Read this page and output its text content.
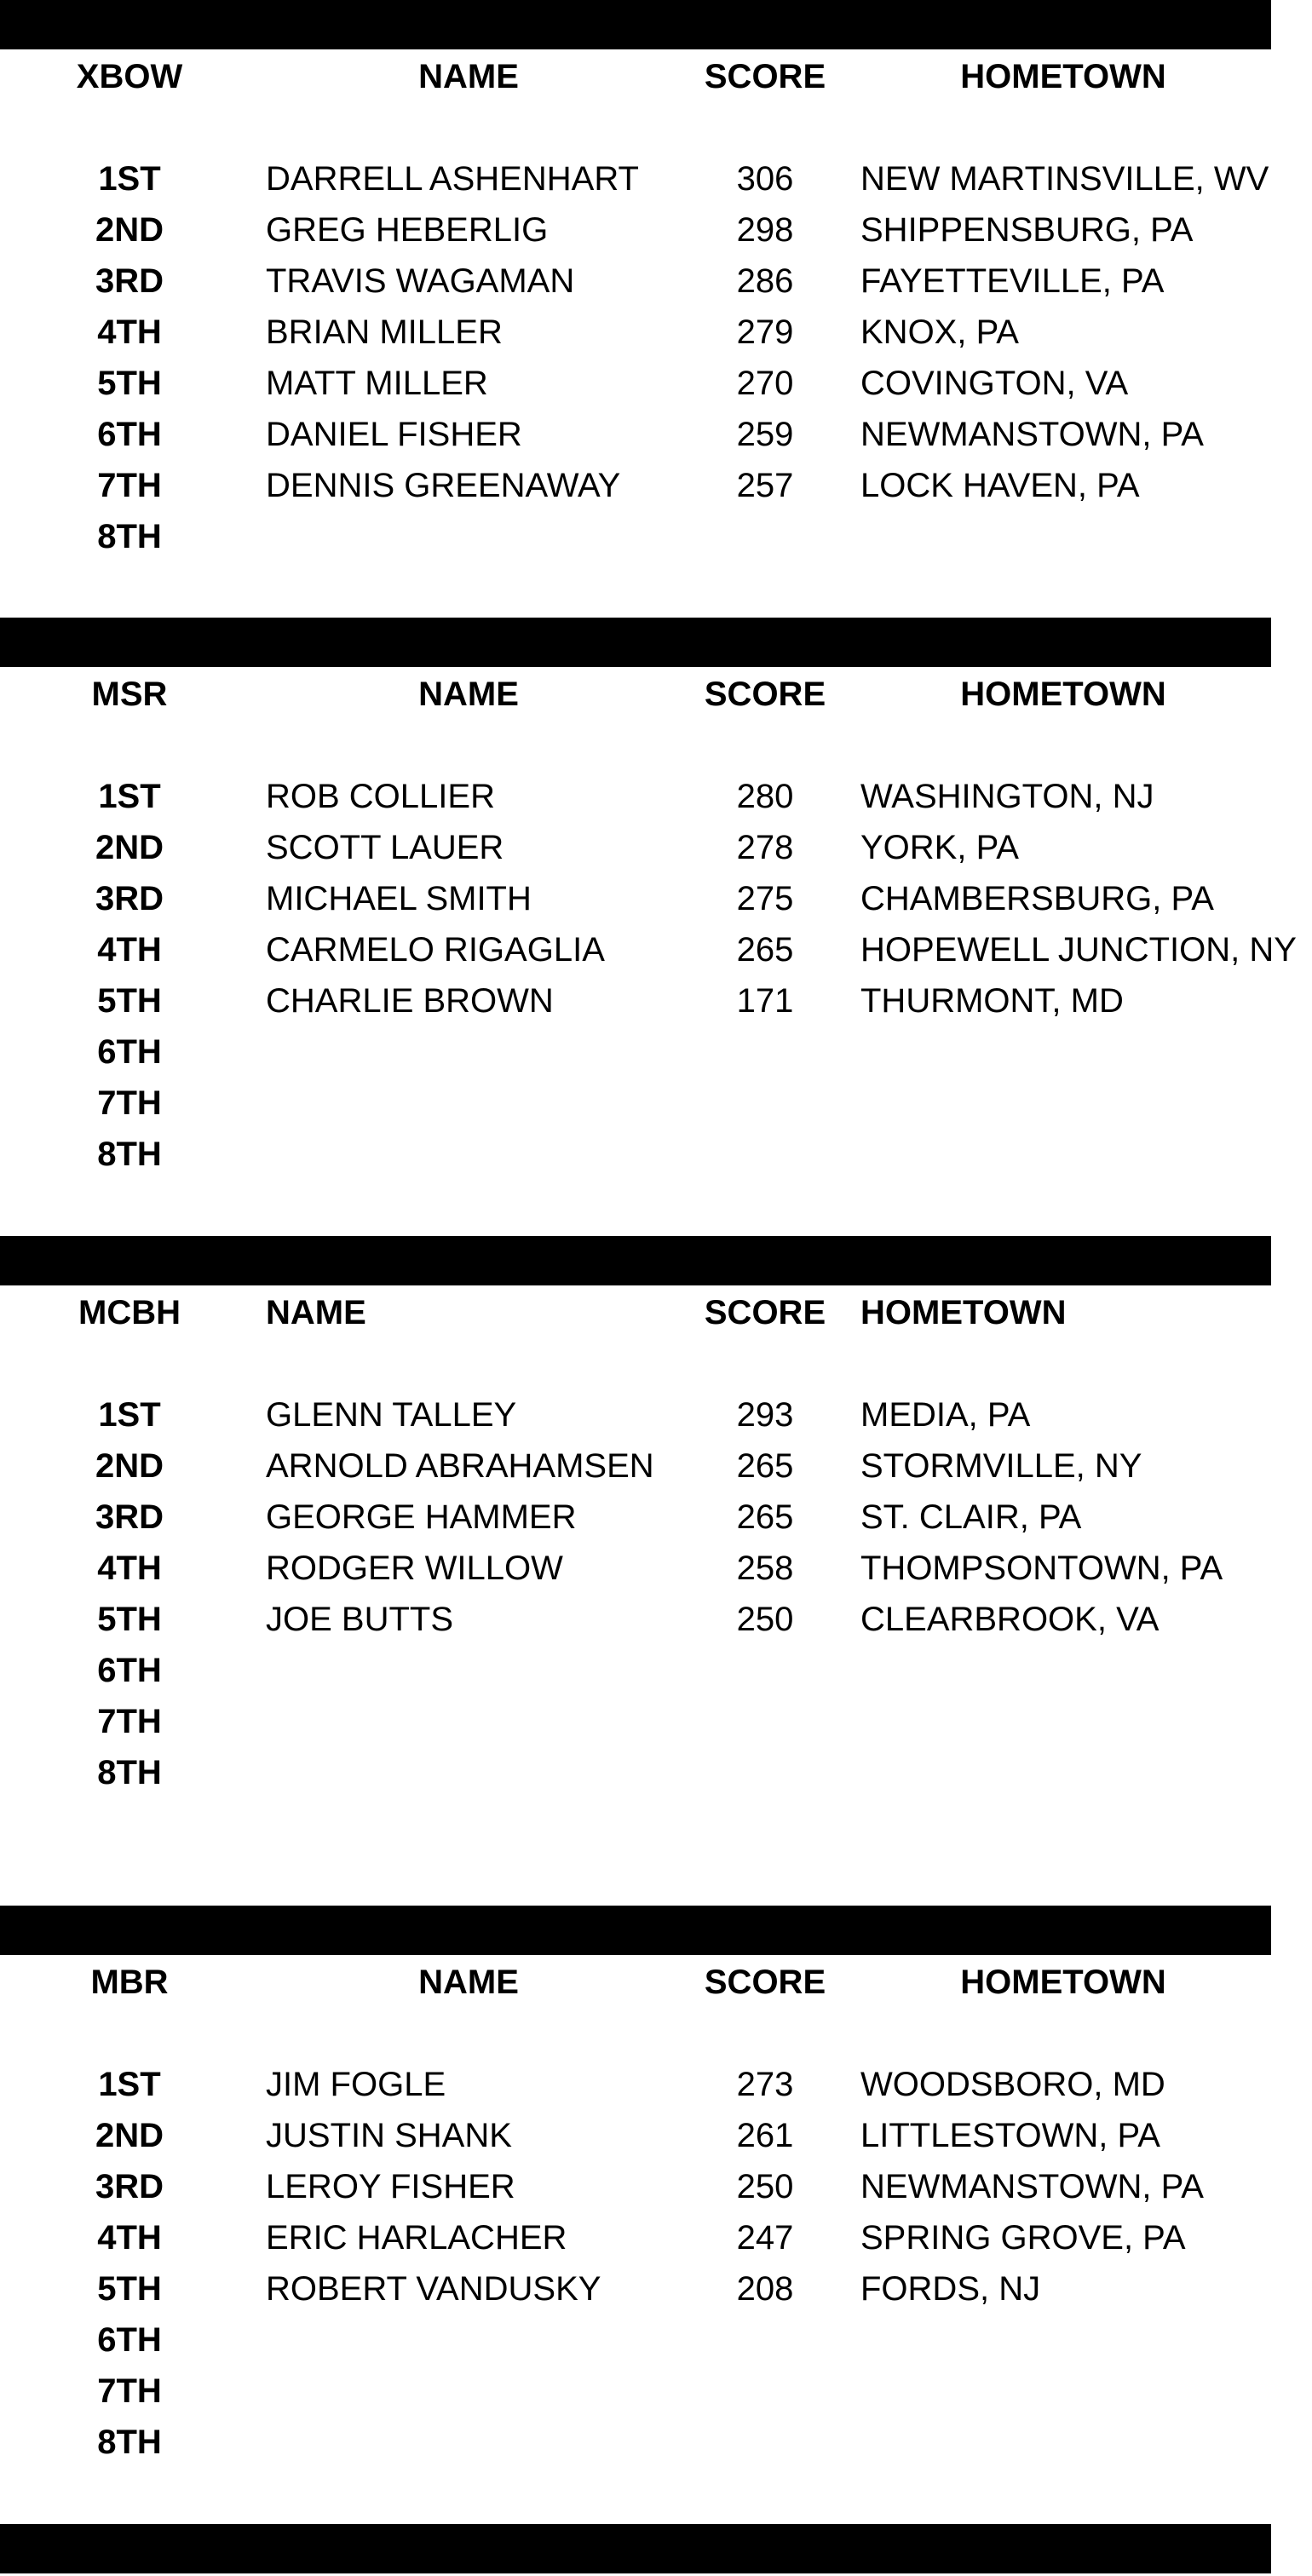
XBOW	NAME	SCORE	HOMETOWN
1ST	DARRELL ASHENHART	306	NEW MARTINSVILLE, WV
2ND	GREG HEBERLIG	298	SHIPPENSBURG, PA
3RD	TRAVIS WAGAMAN	286	FAYETTEVILLE, PA
4TH	BRIAN MILLER	279	KNOX, PA
5TH	MATT MILLER	270	COVINGTON, VA
6TH	DANIEL FISHER	259	NEWMANSTOWN, PA
7TH	DENNIS GREENAWAY	257	LOCK HAVEN, PA
8TH
MSR	NAME	SCORE	HOMETOWN
1ST	ROB COLLIER	280	WASHINGTON, NJ
2ND	SCOTT LAUER	278	YORK, PA
3RD	MICHAEL SMITH	275	CHAMBERSBURG, PA
4TH	CARMELO RIGAGLIA	265	HOPEWELL JUNCTION, NY
5TH	CHARLIE BROWN	171	THURMONT, MD
6TH
7TH
8TH
MCBH	NAME	SCORE	HOMETOWN
1ST	GLENN TALLEY	293	MEDIA, PA
2ND	ARNOLD ABRAHAMSEN	265	STORMVILLE, NY
3RD	GEORGE HAMMER	265	ST. CLAIR, PA
4TH	RODGER WILLOW	258	THOMPSONTOWN, PA
5TH	JOE BUTTS	250	CLEARBROOK, VA
6TH
7TH
8TH
MBR	NAME	SCORE	HOMETOWN
1ST	JIM FOGLE	273	WOODSBORO, MD
2ND	JUSTIN SHANK	261	LITTLESTOWN, PA
3RD	LEROY FISHER	250	NEWMANSTOWN, PA
4TH	ERIC HARLACHER	247	SPRING GROVE, PA
5TH	ROBERT VANDUSKY	208	FORDS, NJ
6TH
7TH
8TH
